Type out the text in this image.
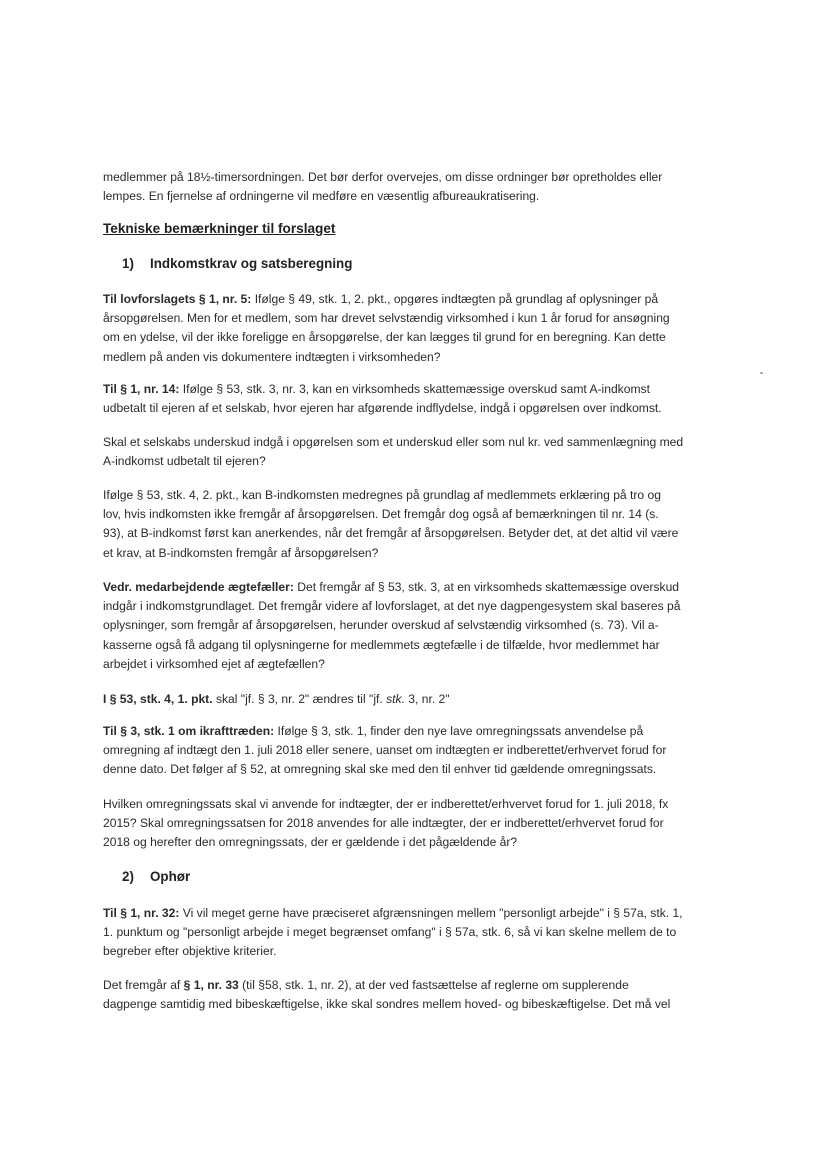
medlemmer på 18½-timersordningen. Det bør derfor overvejes, om disse ordninger bør opretholdes eller
lempes. En fjernelse af ordningerne vil medføre en væsentlig afbureaukratisering.
Tekniske bemærkninger til forslaget
1) Indkomstkrav og satsberegning
Til lovforslagets § 1, nr. 5: Ifølge § 49, stk. 1, 2. pkt., opgøres indtægten på grundlag af oplysninger på
årsopgørelsen. Men for et medlem, som har drevet selvstændig virksomhed i kun 1 år forud for ansøgning
om en ydelse, vil der ikke foreligge en årsopgørelse, der kan lægges til grund for en beregning. Kan dette
medlem på anden vis dokumentere indtægten i virksomheden?
Til § 1, nr. 14: Ifølge § 53, stk. 3, nr. 3, kan en virksomheds skattemæssige overskud samt A-indkomst
udbetalt til ejeren af et selskab, hvor ejeren har afgørende indflydelse, indgå i opgørelsen over indkomst.
Skal et selskabs underskud indgå i opgørelsen som et underskud eller som nul kr. ved sammenlægning med
A-indkomst udbetalt til ejeren?
Ifølge § 53, stk. 4, 2. pkt., kan B-indkomsten medregnes på grundlag af medlemmets erklæring på tro og
lov, hvis indkomsten ikke fremgår af årsopgørelsen. Det fremgår dog også af bemærkningen til nr. 14 (s.
93), at B-indkomst først kan anerkendes, når det fremgår af årsopgørelsen. Betyder det, at det altid vil være
et krav, at B-indkomsten fremgår af årsopgørelsen?
Vedr. medarbejdende ægtefæller: Det fremgår af § 53, stk. 3, at en virksomheds skattemæssige overskud
indgår i indkomstgrundlaget. Det fremgår videre af lovforslaget, at det nye dagpengesystem skal baseres på
oplysninger, som fremgår af årsopgørelsen, herunder overskud af selvstændig virksomhed (s. 73). Vil a-
kasserne også få adgang til oplysningerne for medlemmets ægtefælle i de tilfælde, hvor medlemmet har
arbejdet i virksomhed ejet af ægtefællen?
I § 53, stk. 4, 1. pkt. skal "jf. § 3, nr. 2" ændres til "jf. stk. 3, nr. 2"
Til § 3, stk. 1 om ikrafttræden: Ifølge § 3, stk. 1, finder den nye lave omregningssats anvendelse på
omregning af indtægt den 1. juli 2018 eller senere, uanset om indtægten er indberettet/erhvervet forud for
denne dato. Det følger af § 52, at omregning skal ske med den til enhver tid gældende omregningssats.
Hvilken omregningssats skal vi anvende for indtægter, der er indberettet/erhvervet forud for 1. juli 2018, fx
2015? Skal omregningssatsen for 2018 anvendes for alle indtægter, der er indberettet/erhvervet forud for
2018 og herefter den omregningssats, der er gældende i det pågældende år?
2) Ophør
Til § 1, nr. 32: Vi vil meget gerne have præciseret afgrænsningen mellem "personligt arbejde" i § 57a, stk. 1,
1. punktum og "personligt arbejde i meget begrænset omfang" i § 57a, stk. 6, så vi kan skelne mellem de to
begreber efter objektive kriterier.
Det fremgår af § 1, nr. 33 (til §58, stk. 1, nr. 2), at der ved fastsættelse af reglerne om supplerende
dagpenge samtidig med bibeskæftigelse, ikke skal sondres mellem hoved- og bibeskæftigelse. Det må vel
